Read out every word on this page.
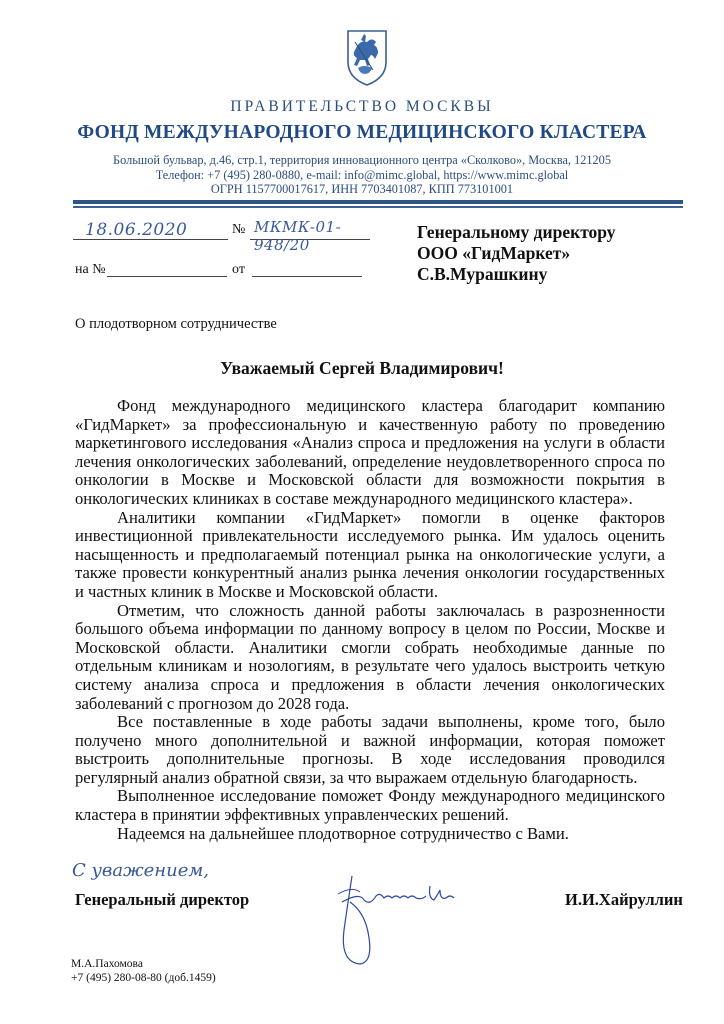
ПРАВИТЕЛЬСТВО МОСКВЫ
ФОНД МЕЖДУНАРОДНОГО МЕДИЦИНСКОГО КЛАСТЕРА
Большой бульвар, д.46, стр.1, территория инновационного центра «Сколково», Москва, 121205
Телефон: +7 (495) 280-0880, e-mail: info@mimc.global, https://www.mimc.global
ОГРН 1157700017617, ИНН 7703401087, КПП 773101001
18.06.2020	№ МКМК-01-948/20
на №	от
Генеральному директору
ООО «ГидМаркет»
С.В.Мурашкину
О плодотворном сотрудничестве
Уважаемый Сергей Владимирович!

Фонд международного медицинского кластера благодарит компанию «ГидМаркет» за профессиональную и качественную работу по проведению маркетингового исследования «Анализ спроса и предложения на услуги в области лечения онкологических заболеваний, определение неудовлетворенного спроса по онкологии в Москве и Московской области для возможности покрытия в онкологических клиниках в составе международного медицинского кластера».

Аналитики компании «ГидМаркет» помогли в оценке факторов инвестиционной привлекательности исследуемого рынка. Им удалось оценить насыщенность и предполагаемый потенциал рынка на онкологические услуги, а также провести конкурентный анализ рынка лечения онкологии государственных и частных клиник в Москве и Московской области.

Отметим, что сложность данной работы заключалась в разрозненности большого объема информации по данному вопросу в целом по России, Москве и Московской области. Аналитики смогли собрать необходимые данные по отдельным клиникам и нозологиям, в результате чего удалось выстроить четкую систему анализа спроса и предложения в области лечения онкологических заболеваний с прогнозом до 2028 года.

Все поставленные в ходе работы задачи выполнены, кроме того, было получено много дополнительной и важной информации, которая поможет выстроить дополнительные прогнозы. В ходе исследования проводился регулярный анализ обратной связи, за что выражаем отдельную благодарность.

Выполненное исследование поможет Фонду международного медицинского кластера в принятии эффективных управленческих решений.

Надеемся на дальнейшее плодотворное сотрудничество с Вами.

С уважением,
Генеральный директор	И.И.Хайруллин
М.А.Пахомова
+7 (495) 280-08-80 (доб.1459)
